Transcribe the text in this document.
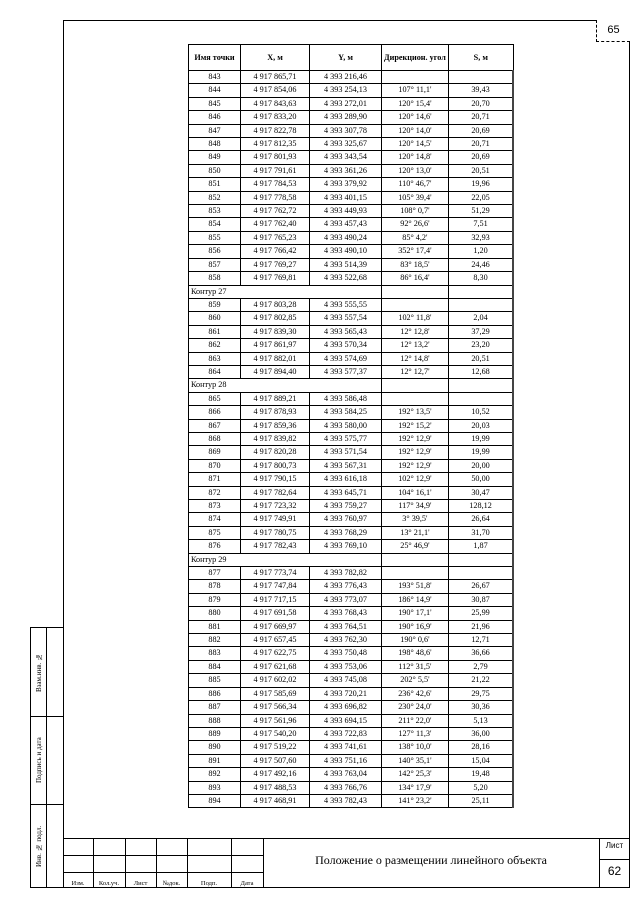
65
Взам.инв. №
Подпись и дата
Инв. № подл.
Имя точки	X, м	Y, м	Дирекцион. угол	S, м
843	4 917 865,71	4 393 216,46		
844	4 917 854,06	4 393 254,13	107° 11,1'	39,43
845	4 917 843,63	4 393 272,01	120° 15,4'	20,70
846	4 917 833,20	4 393 289,90	120° 14,6'	20,71
847	4 917 822,78	4 393 307,78	120° 14,0'	20,69
848	4 917 812,35	4 393 325,67	120° 14,5'	20,71
849	4 917 801,93	4 393 343,54	120° 14,8'	20,69
850	4 917 791,61	4 393 361,26	120° 13,0'	20,51
851	4 917 784,53	4 393 379,92	110° 46,7'	19,96
852	4 917 778,58	4 393 401,15	105° 39,4'	22,05
853	4 917 762,72	4 393 449,93	108° 0,7'	51,29
854	4 917 762,40	4 393 457,43	92° 26,6'	7,51
855	4 917 765,23	4 393 490,24	85° 4,2'	32,93
856	4 917 766,42	4 393 490,10	352° 17,4'	1,20
857	4 917 769,27	4 393 514,39	83° 18,5'	24,46
858	4 917 769,81	4 393 522,68	86° 16,4'	8,30
Контур 27				
859	4 917 803,28	4 393 555,55		
860	4 917 802,85	4 393 557,54	102° 11,8'	2,04
861	4 917 839,30	4 393 565,43	12° 12,8'	37,29
862	4 917 861,97	4 393 570,34	12° 13,2'	23,20
863	4 917 882,01	4 393 574,69	12° 14,8'	20,51
864	4 917 894,40	4 393 577,37	12° 12,7'	12,68
Контур 28				
865	4 917 889,21	4 393 586,48		
866	4 917 878,93	4 393 584,25	192° 13,5'	10,52
867	4 917 859,36	4 393 580,00	192° 15,2'	20,03
868	4 917 839,82	4 393 575,77	192° 12,9'	19,99
869	4 917 820,28	4 393 571,54	192° 12,9'	19,99
870	4 917 800,73	4 393 567,31	192° 12,9'	20,00
871	4 917 790,15	4 393 616,18	102° 12,9'	50,00
872	4 917 782,64	4 393 645,71	104° 16,1'	30,47
873	4 917 723,32	4 393 759,27	117° 34,9'	128,12
874	4 917 749,91	4 393 760,97	3° 39,5'	26,64
875	4 917 780,75	4 393 768,29	13° 21,1'	31,70
876	4 917 782,43	4 393 769,10	25° 46,9'	1,87
Контур 29				
877	4 917 773,74	4 393 782,82		
878	4 917 747,84	4 393 776,43	193° 51,8'	26,67
879	4 917 717,15	4 393 773,07	186° 14,9'	30,87
880	4 917 691,58	4 393 768,43	190° 17,1'	25,99
881	4 917 669,97	4 393 764,51	190° 16,9'	21,96
882	4 917 657,45	4 393 762,30	190° 0,6'	12,71
883	4 917 622,75	4 393 750,48	198° 48,6'	36,66
884	4 917 621,68	4 393 753,06	112° 31,5'	2,79
885	4 917 602,02	4 393 745,08	202° 5,5'	21,22
886	4 917 585,69	4 393 720,21	236° 42,6'	29,75
887	4 917 566,34	4 393 696,82	230° 24,0'	30,36
888	4 917 561,96	4 393 694,15	211° 22,0'	5,13
889	4 917 540,20	4 393 722,83	127° 11,3'	36,00
890	4 917 519,22	4 393 741,61	138° 10,0'	28,16
891	4 917 507,60	4 393 751,16	140° 35,1'	15,04
892	4 917 492,16	4 393 763,04	142° 25,3'	19,48
893	4 917 488,53	4 393 766,76	134° 17,9'	5,20
894	4 917 468,91	4 393 782,43	141° 23,2'	25,11
Изм.	Кол.уч.	Лист	№док.	Подп.	Дата
Положение о размещении линейного объекта
Лист
62
